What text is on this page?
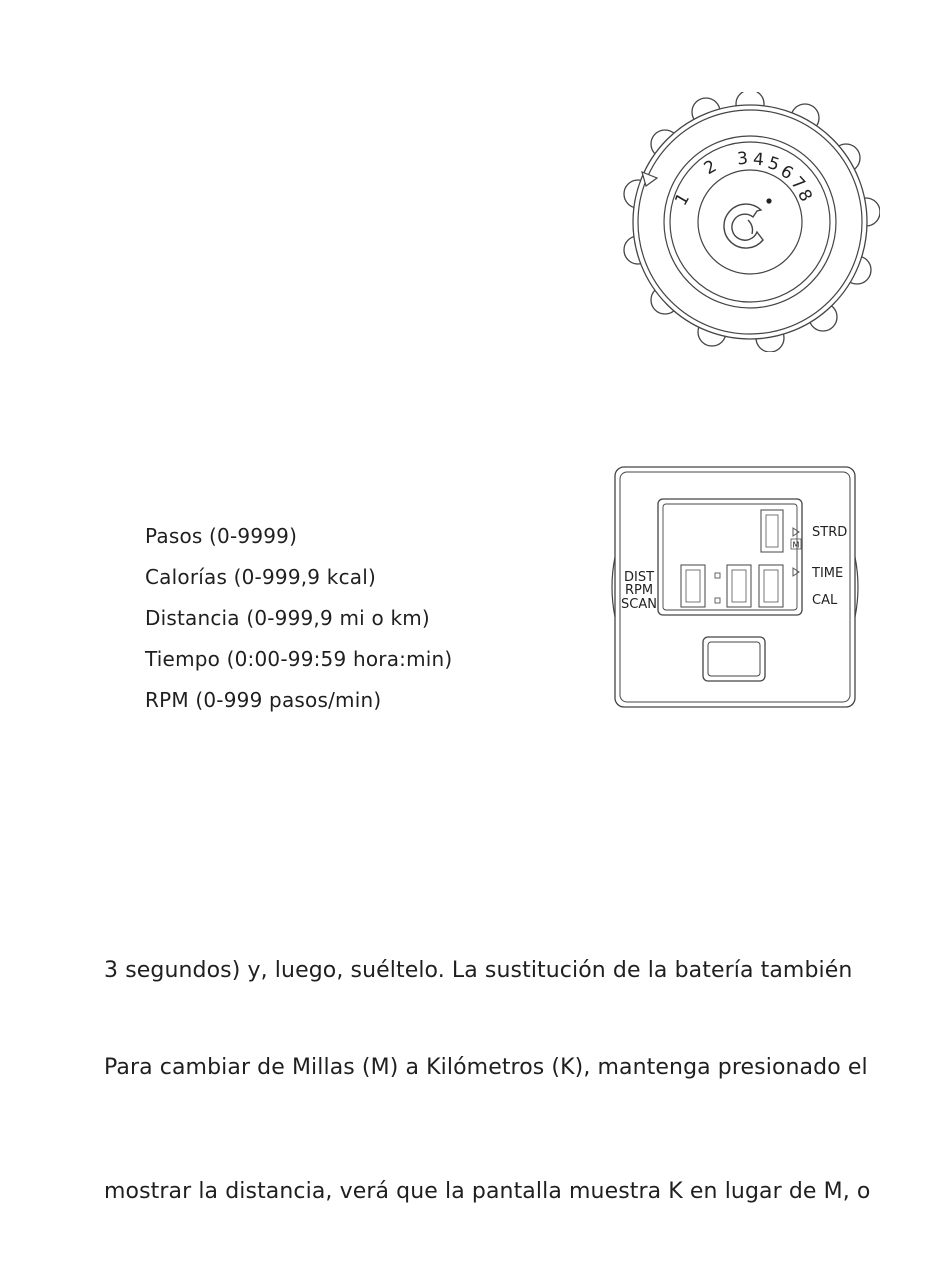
1
2 3 4 5
6
7
8
Pasos (0-9999)
Calorías (0-999,9 kcal)
Distancia (0-999,9 mi o km)
Tiempo (0:00-99:59 hora:min)
RPM (0-999 pasos/min)
M
DIST
RPM
SCAN
STRD
TIME
CAL
3 segundos) y, luego, suéltelo. La sustitución de la batería también
Para cambiar de Millas (M) a Kilómetros (K), mantenga presionado el
mostrar la distancia, verá que la pantalla muestra K en lugar de M, o
